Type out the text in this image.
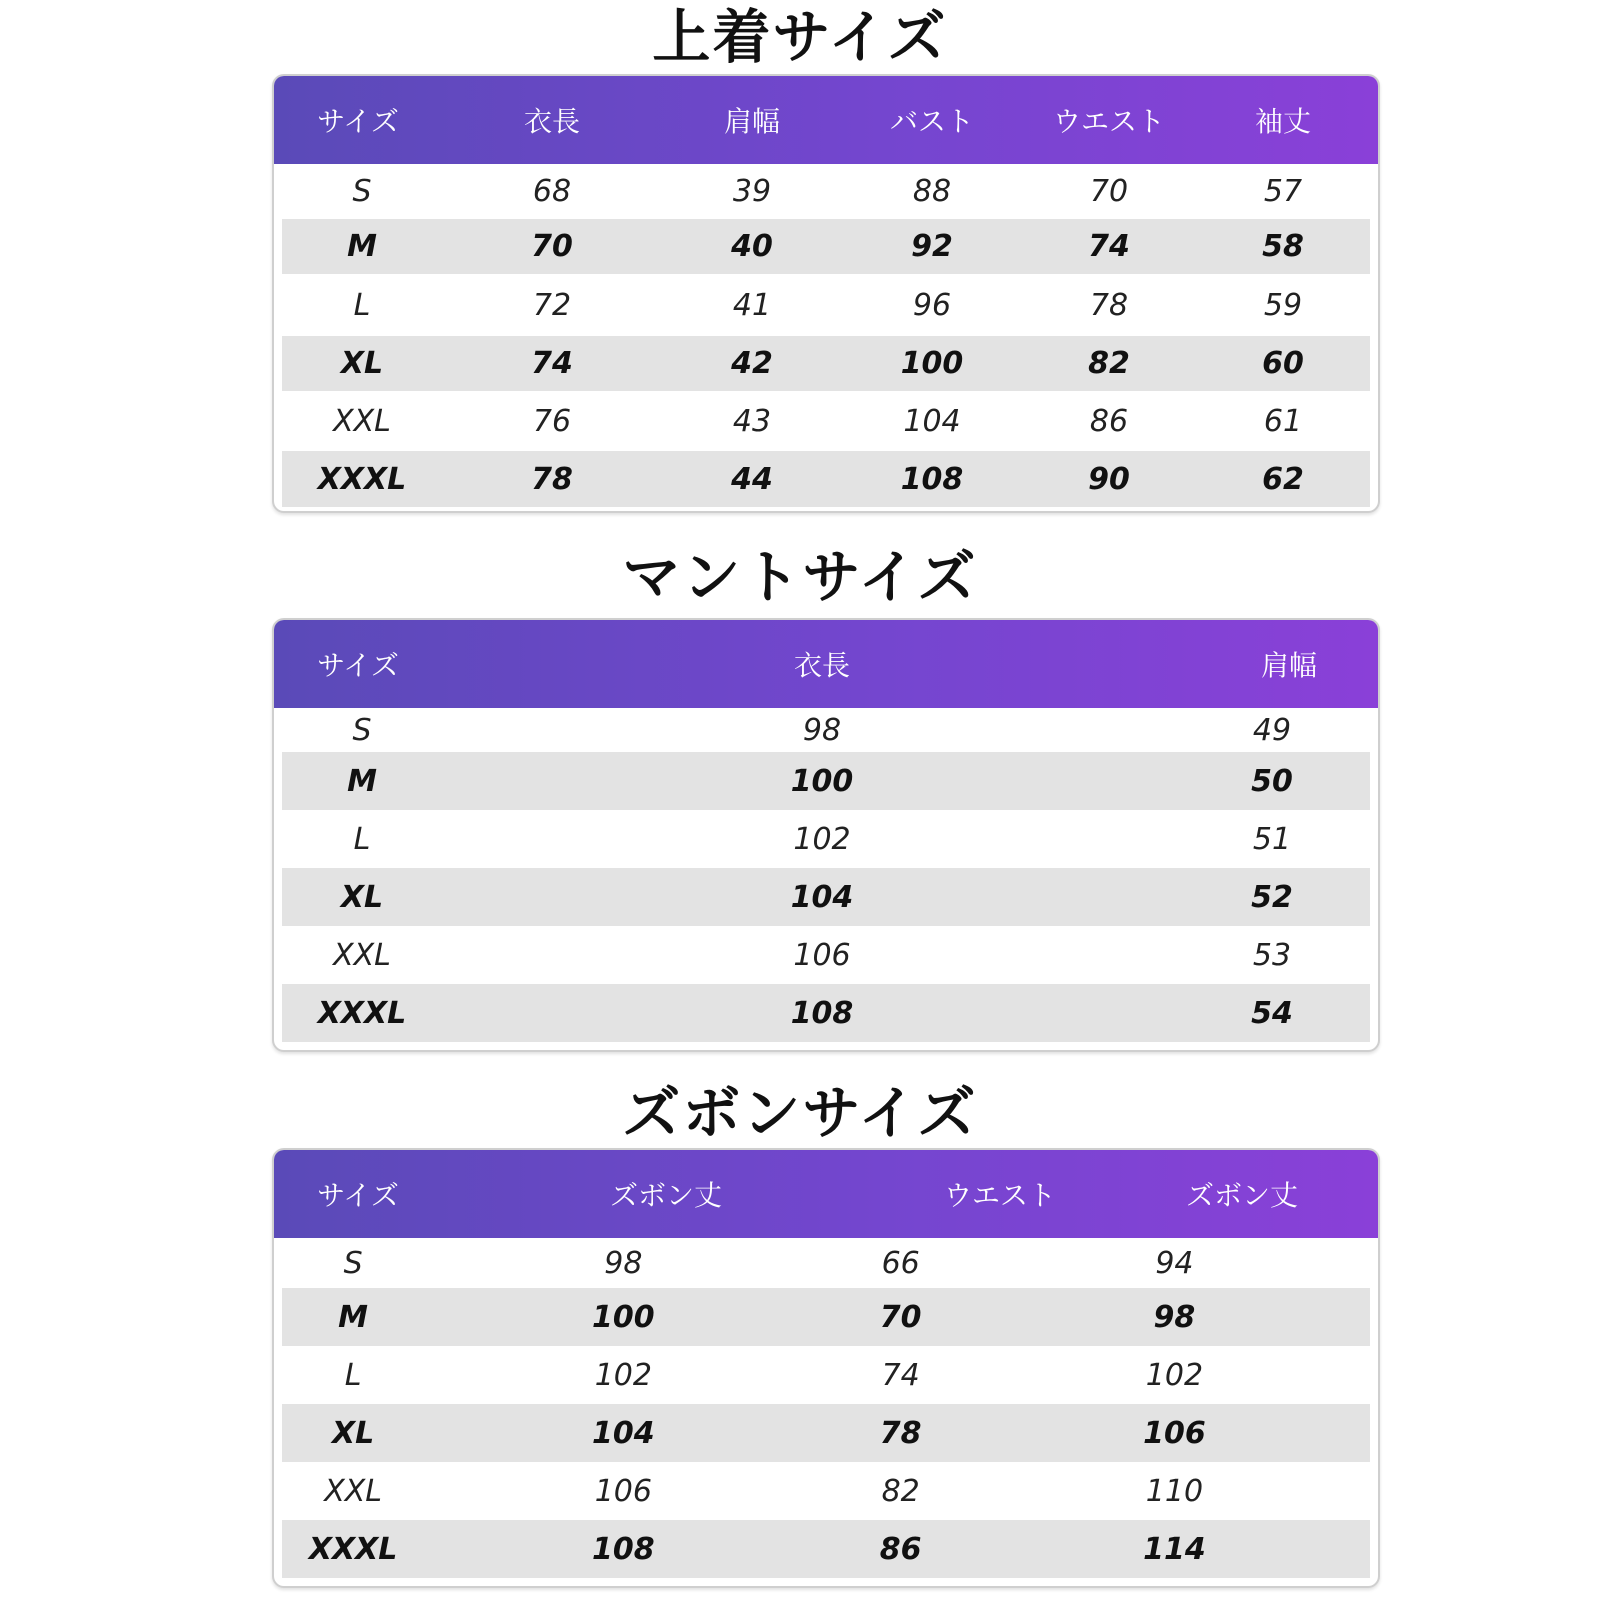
上着サイズ
サイズ	衣長	肩幅	バスト	ウエスト	袖丈
S	68	39	88	70	57
M	70	40	92	74	58
L	72	41	96	78	59
XL	74	42	100	82	60
XXL	76	43	104	86	61
XXXL	78	44	108	90	62
マントサイズ
サイズ	衣長	肩幅
S	98	49
M	100	50
L	102	51
XL	104	52
XXL	106	53
XXXL	108	54
ズボンサイズ
サイズ	ズボン丈	ウエスト	ズボン丈
S	98	66	94
M	100	70	98
L	102	74	102
XL	104	78	106
XXL	106	82	110
XXXL	108	86	114
